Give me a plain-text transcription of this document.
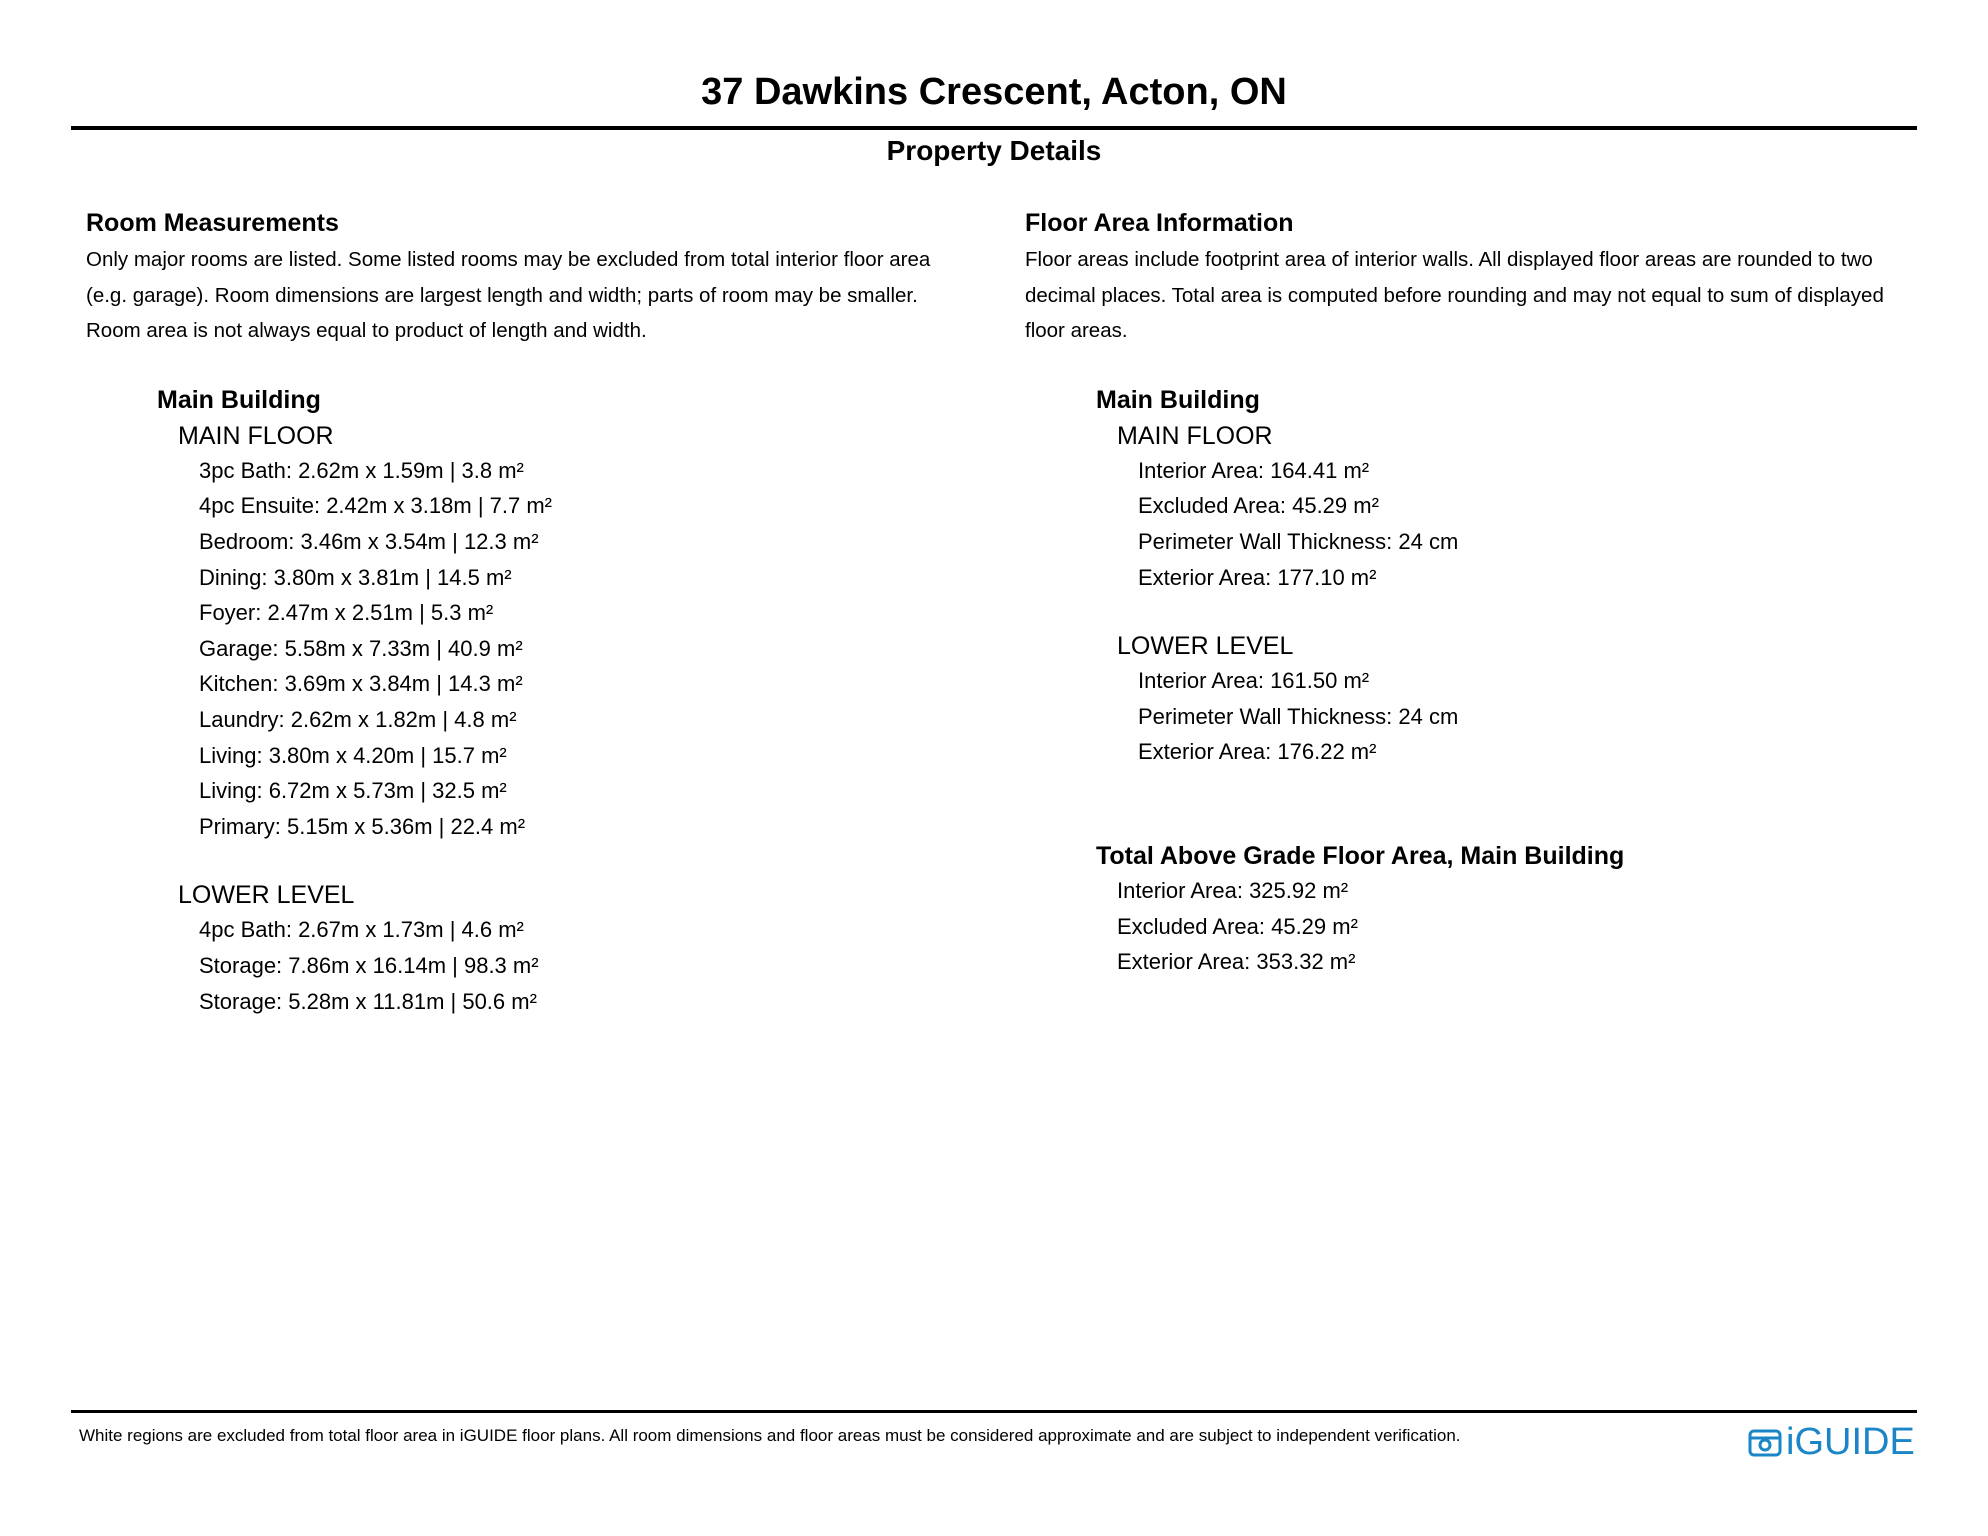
37 Dawkins Crescent, Acton, ON
Property Details
Room Measurements
Only major rooms are listed. Some listed rooms may be excluded from total interior floor area
(e.g. garage). Room dimensions are largest length and width; parts of room may be smaller.
Room area is not always equal to product of length and width.
Main Building
MAIN FLOOR
3pc Bath: 2.62m x 1.59m | 3.8 m²
4pc Ensuite: 2.42m x 3.18m | 7.7 m²
Bedroom: 3.46m x 3.54m | 12.3 m²
Dining: 3.80m x 3.81m | 14.5 m²
Foyer: 2.47m x 2.51m | 5.3 m²
Garage: 5.58m x 7.33m | 40.9 m²
Kitchen: 3.69m x 3.84m | 14.3 m²
Laundry: 2.62m x 1.82m | 4.8 m²
Living: 3.80m x 4.20m | 15.7 m²
Living: 6.72m x 5.73m | 32.5 m²
Primary: 5.15m x 5.36m | 22.4 m²
LOWER LEVEL
4pc Bath: 2.67m x 1.73m | 4.6 m²
Storage: 7.86m x 16.14m | 98.3 m²
Storage: 5.28m x 11.81m | 50.6 m²
Floor Area Information
Floor areas include footprint area of interior walls. All displayed floor areas are rounded to two
decimal places. Total area is computed before rounding and may not equal to sum of displayed
floor areas.
Main Building
MAIN FLOOR
Interior Area: 164.41 m²
Excluded Area: 45.29 m²
Perimeter Wall Thickness: 24 cm
Exterior Area: 177.10 m²
LOWER LEVEL
Interior Area: 161.50 m²
Perimeter Wall Thickness: 24 cm
Exterior Area: 176.22 m²
Total Above Grade Floor Area, Main Building
Interior Area: 325.92 m²
Excluded Area: 45.29 m²
Exterior Area: 353.32 m²
White regions are excluded from total floor area in iGUIDE floor plans. All room dimensions and floor areas must be considered approximate and are subject to independent verification.	iGUIDE
